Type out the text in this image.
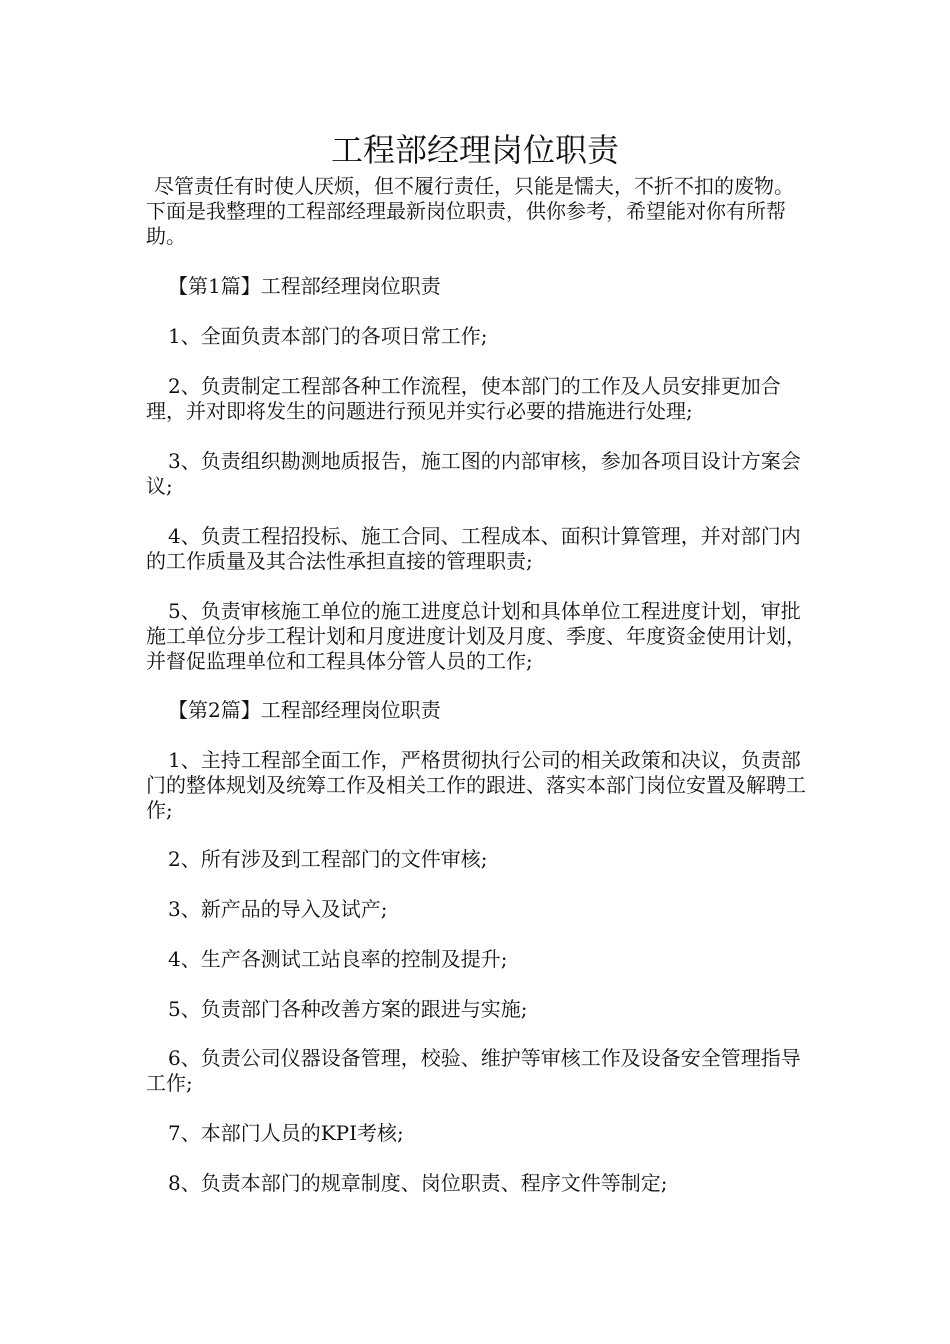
工程部经理岗位职责

尽管责任有时使人厌烦，但不履行责任，只能是懦夫，不折不扣的废物。下面是我整理的工程部经理最新岗位职责，供你参考，希望能对你有所帮助。

【第1篇】工程部经理岗位职责

1、全面负责本部门的各项日常工作;

2、负责制定工程部各种工作流程，使本部门的工作及人员安排更加合理，并对即将发生的问题进行预见并实行必要的措施进行处理;

3、负责组织勘测地质报告，施工图的内部审核，参加各项目设计方案会议;

4、负责工程招投标、施工合同、工程成本、面积计算管理，并对部门内的工作质量及其合法性承担直接的管理职责;

5、负责审核施工单位的施工进度总计划和具体单位工程进度计划，审批施工单位分步工程计划和月度进度计划及月度、季度、年度资金使用计划，并督促监理单位和工程具体分管人员的工作;

【第2篇】工程部经理岗位职责

1、主持工程部全面工作，严格贯彻执行公司的相关政策和决议，负责部门的整体规划及统筹工作及相关工作的跟进、落实本部门岗位安置及解聘工作;

2、所有涉及到工程部门的文件审核;

3、新产品的导入及试产;

4、生产各测试工站良率的控制及提升;

5、负责部门各种改善方案的跟进与实施;

6、负责公司仪器设备管理，校验、维护等审核工作及设备安全管理指导工作;

7、本部门人员的KPI考核;

8、负责本部门的规章制度、岗位职责、程序文件等制定;
